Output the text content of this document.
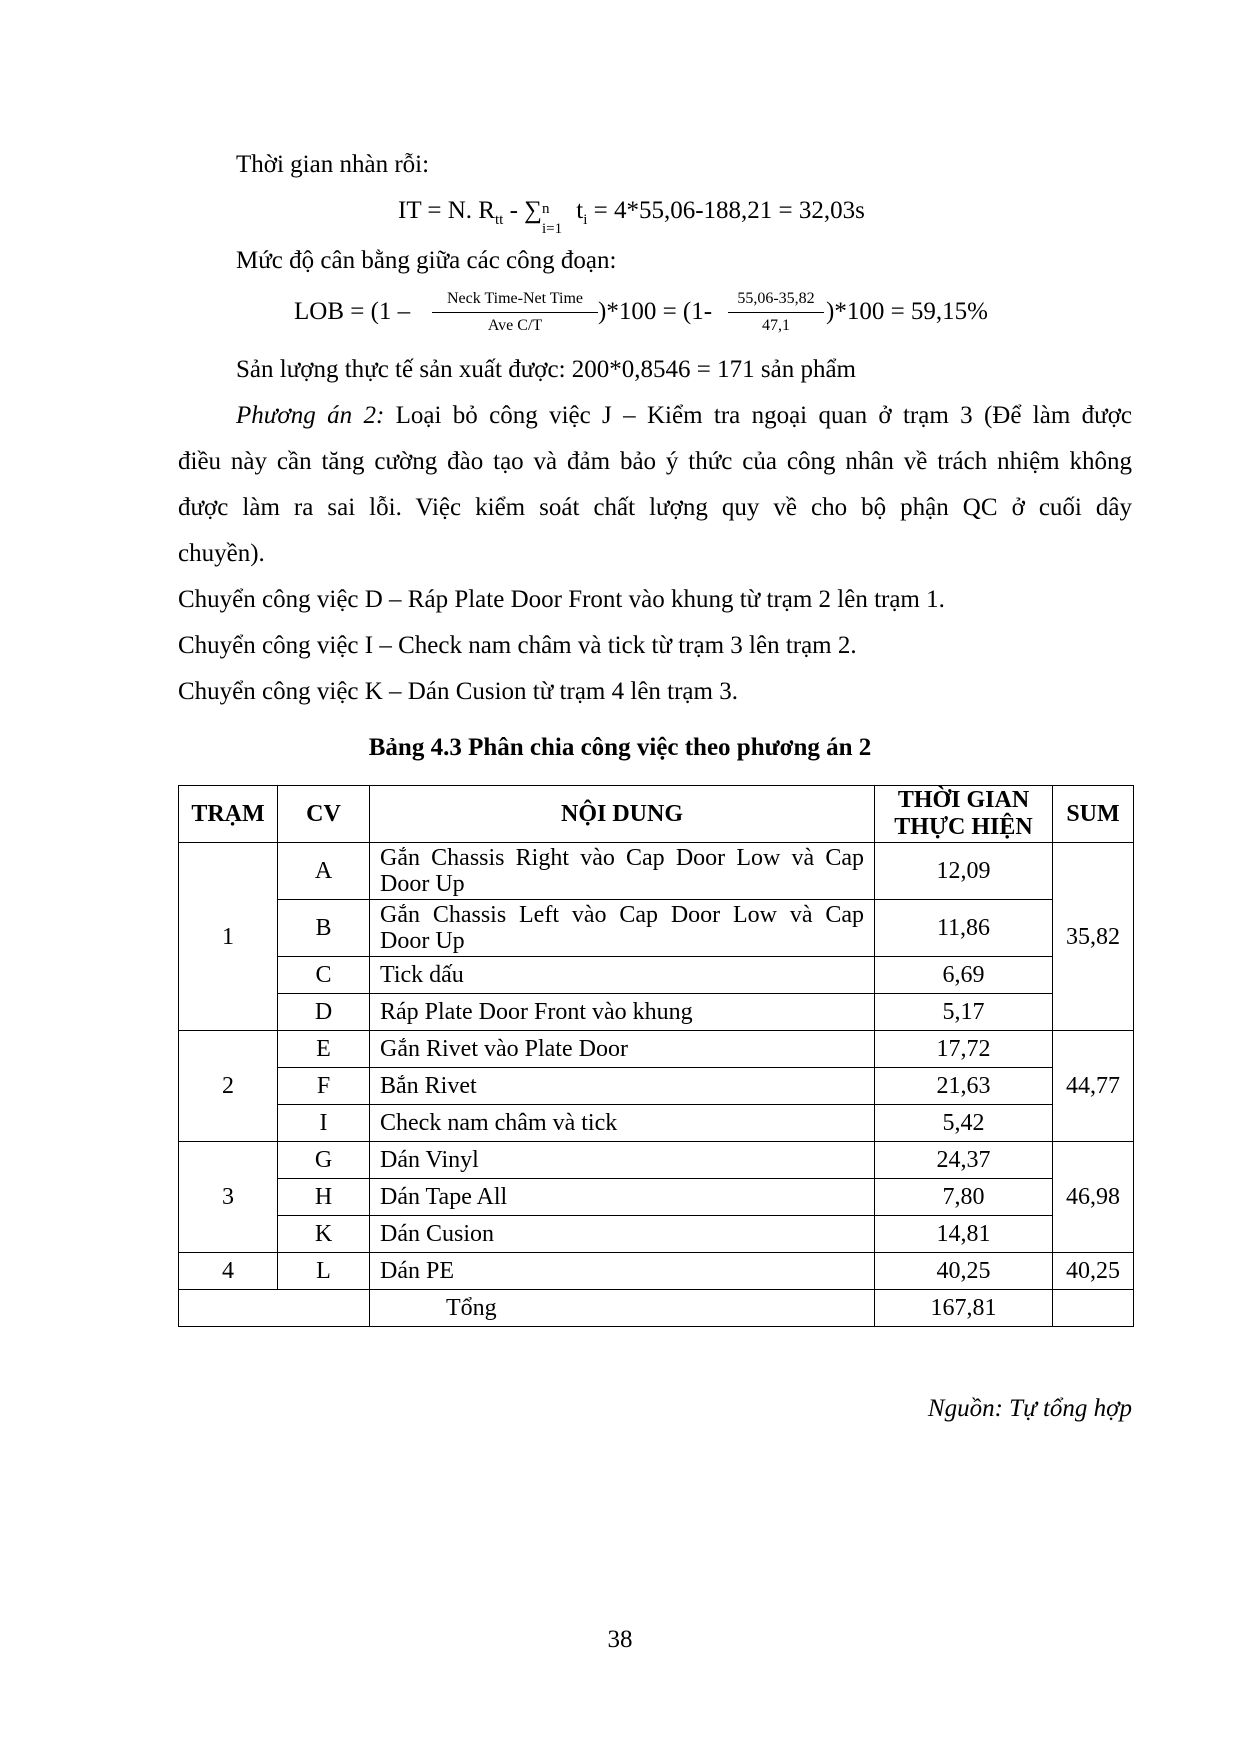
Thời gian nhàn rỗi:
IT = N. $R_{tt}$ - ∑ n
i=1
$t_i = 4*55,06-188,21 = 32,03s$
Mức độ cân bằng giữa các công đoạn:
LOB = (1 –	Neck Time-Net Time
Ave C/T
)*100 = (1-	55,06-35,82
47,1
)*100 = 59,15%
Sản lượng thực tế sản xuất được: 200*0,8546 = 171 sản phẩm
Phương án 2: Loại bỏ công việc J – Kiểm tra ngoại quan ở trạm 3 (Để làm được
điều này cần tăng cường đào tạo và đảm bảo ý thức của công nhân về trách nhiệm không
được làm ra sai lỗi. Việc kiểm soát chất lượng quy về cho bộ phận QC ở cuối dây
chuyền).
Chuyển công việc D – Ráp Plate Door Front vào khung từ trạm 2 lên trạm 1.
Chuyển công việc I – Check nam châm và tick từ trạm 3 lên trạm 2.
Chuyển công việc K – Dán Cusion từ trạm 4 lên trạm 3.
Bảng 4.3 Phân chia công việc theo phương án 2
TRẠM	CV	NỘI DUNG	THỜI GIAN THỰC HIỆN	SUM
1	A	Gắn Chassis Right vào Cap Door Low và Cap Door Up	12,09	35,82
	B	Gắn Chassis Left vào Cap Door Low và Cap Door Up	11,86	
	C	Tick dấu	6,69	
	D	Ráp Plate Door Front vào khung	5,17	
2	E	Gắn Rivet vào Plate Door	17,72	44,77
	F	Bắn Rivet	21,63	
	I	Check nam châm và tick	5,42	
3	G	Dán Vinyl	24,37	46,98
	H	Dán Tape All	7,80	
	K	Dán Cusion	14,81	
4	L	Dán PE	40,25	40,25
		Tổng	167,81	
Nguồn: Tự tổng hợp
38
